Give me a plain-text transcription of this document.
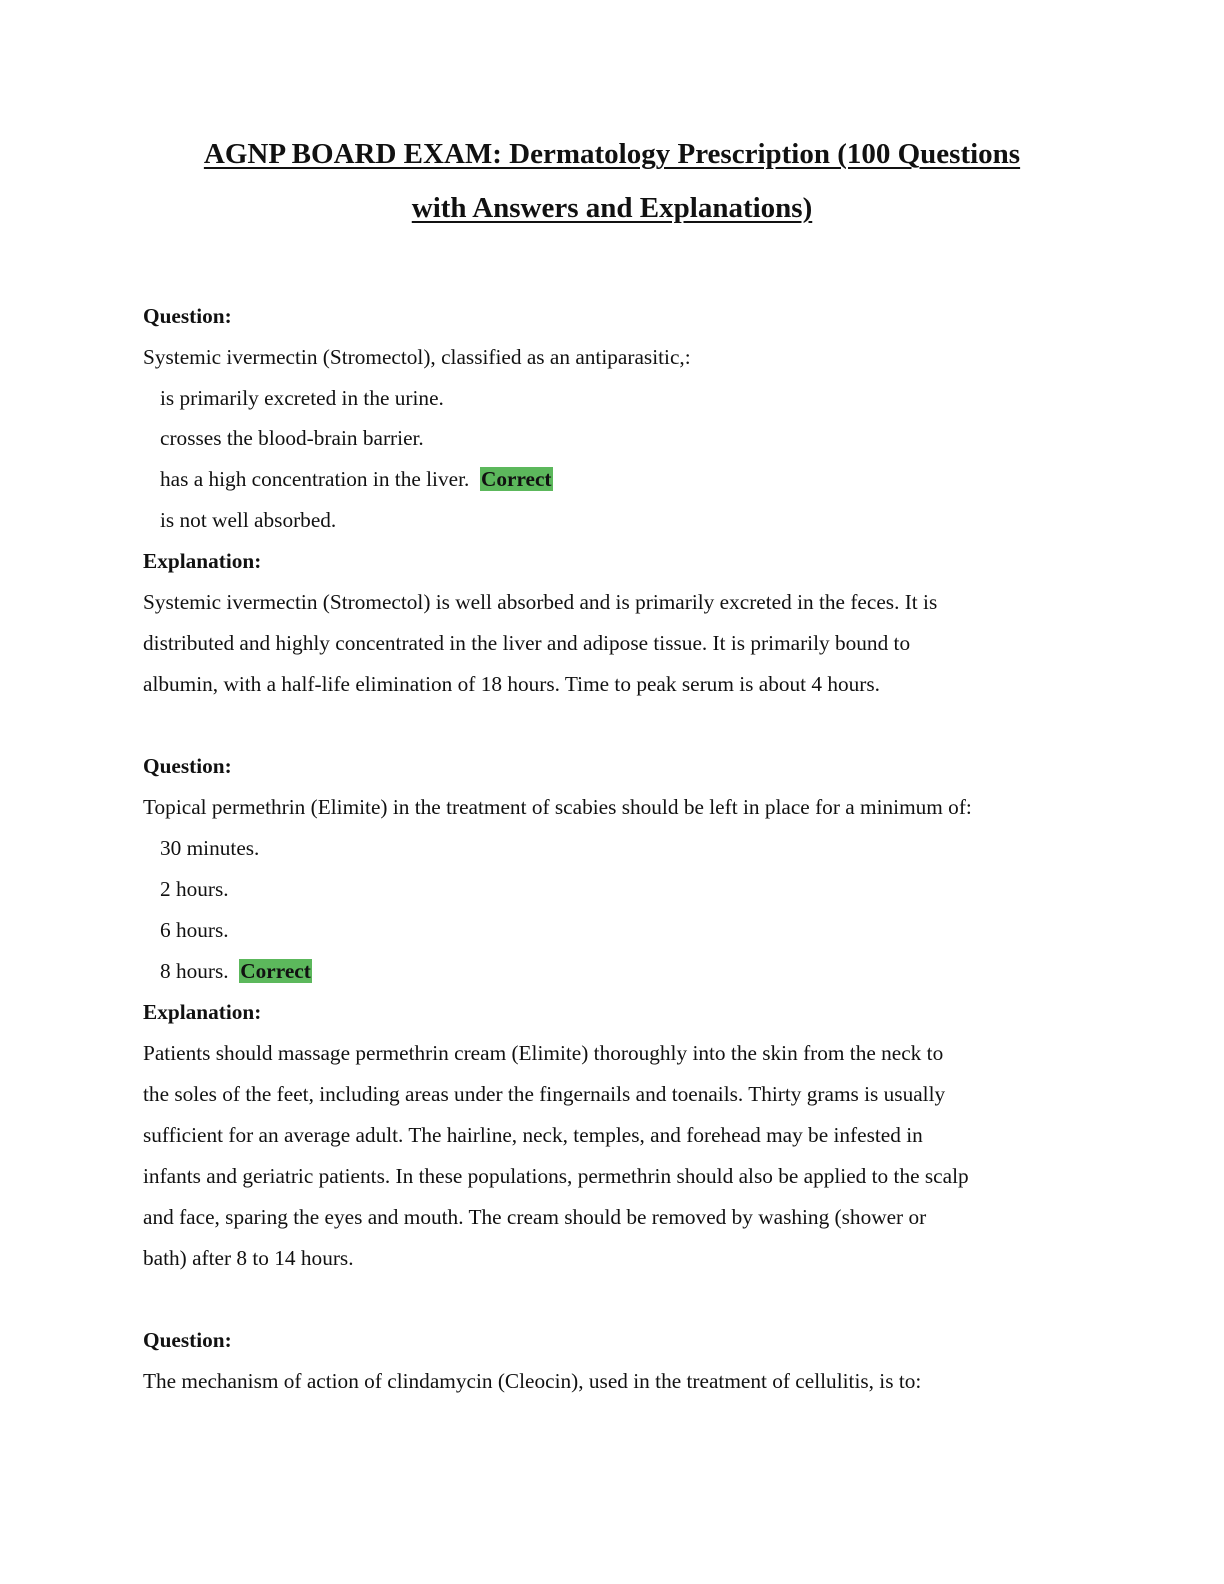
AGNP BOARD EXAM: Dermatology Prescription (100 Questions
with Answers and Explanations)
Question:
Systemic ivermectin (Stromectol), classified as an antiparasitic,:
is primarily excreted in the urine.
crosses the blood-brain barrier.
has a high concentration in the liver. Correct
is not well absorbed.
Explanation:
Systemic ivermectin (Stromectol) is well absorbed and is primarily excreted in the feces. It is
distributed and highly concentrated in the liver and adipose tissue. It is primarily bound to
albumin, with a half-life elimination of 18 hours. Time to peak serum is about 4 hours.
Question:
Topical permethrin (Elimite) in the treatment of scabies should be left in place for a minimum of:
30 minutes.
2 hours.
6 hours.
8 hours. Correct
Explanation:
Patients should massage permethrin cream (Elimite) thoroughly into the skin from the neck to
the soles of the feet, including areas under the fingernails and toenails. Thirty grams is usually
sufficient for an average adult. The hairline, neck, temples, and forehead may be infested in
infants and geriatric patients. In these populations, permethrin should also be applied to the scalp
and face, sparing the eyes and mouth. The cream should be removed by washing (shower or
bath) after 8 to 14 hours.
Question:
The mechanism of action of clindamycin (Cleocin), used in the treatment of cellulitis, is to:
